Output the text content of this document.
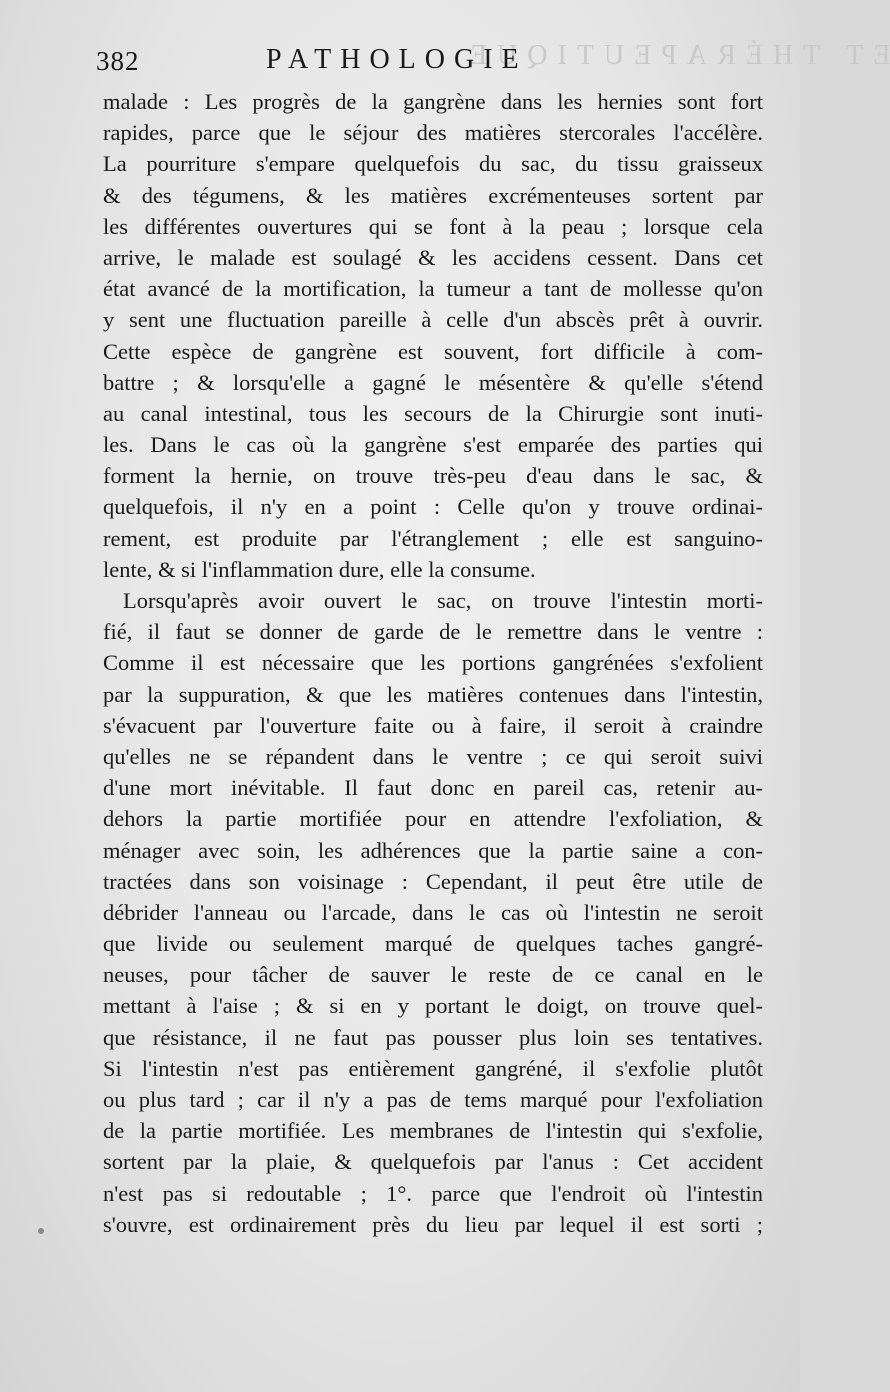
ET THÉRAPEUTIQUE
382	PATHOLOGIE
malade : Les progrès de la gangrène dans les hernies sont fort
rapides, parce que le séjour des matières stercorales l'accélère.
La pourriture s'empare quelquefois du sac, du tissu graisseux
& des tégumens, & les matières excrémenteuses sortent par
les différentes ouvertures qui se font à la peau ; lorsque cela
arrive, le malade est soulagé & les accidens cessent. Dans cet
état avancé de la mortification, la tumeur a tant de mollesse qu'on
y sent une fluctuation pareille à celle d'un abscès prêt à ouvrir.
Cette espèce de gangrène est souvent, fort difficile à com-
battre ; & lorsqu'elle a gagné le mésentère & qu'elle s'étend
au canal intestinal, tous les secours de la Chirurgie sont inuti-
les. Dans le cas où la gangrène s'est emparée des parties qui
forment la hernie, on trouve très-peu d'eau dans le sac, &
quelquefois, il n'y en a point : Celle qu'on y trouve ordinai-
rement, est produite par l'étranglement ; elle est sanguino-
lente, & si l'inflammation dure, elle la consume.
Lorsqu'après avoir ouvert le sac, on trouve l'intestin morti-
fié, il faut se donner de garde de le remettre dans le ventre :
Comme il est nécessaire que les portions gangrénées s'exfolient
par la suppuration, & que les matières contenues dans l'intestin,
s'évacuent par l'ouverture faite ou à faire, il seroit à craindre
qu'elles ne se répandent dans le ventre ; ce qui seroit suivi
d'une mort inévitable. Il faut donc en pareil cas, retenir au-
dehors la partie mortifiée pour en attendre l'exfoliation, &
ménager avec soin, les adhérences que la partie saine a con-
tractées dans son voisinage : Cependant, il peut être utile de
débrider l'anneau ou l'arcade, dans le cas où l'intestin ne seroit
que livide ou seulement marqué de quelques taches gangré-
neuses, pour tâcher de sauver le reste de ce canal en le
mettant à l'aise ; & si en y portant le doigt, on trouve quel-
que résistance, il ne faut pas pousser plus loin ses tentatives.
Si l'intestin n'est pas entièrement gangréné, il s'exfolie plutôt
ou plus tard ; car il n'y a pas de tems marqué pour l'exfoliation
de la partie mortifiée. Les membranes de l'intestin qui s'exfolie,
sortent par la plaie, & quelquefois par l'anus : Cet accident
n'est pas si redoutable ; 1°. parce que l'endroit où l'intestin
s'ouvre, est ordinairement près du lieu par lequel il est sorti ;
